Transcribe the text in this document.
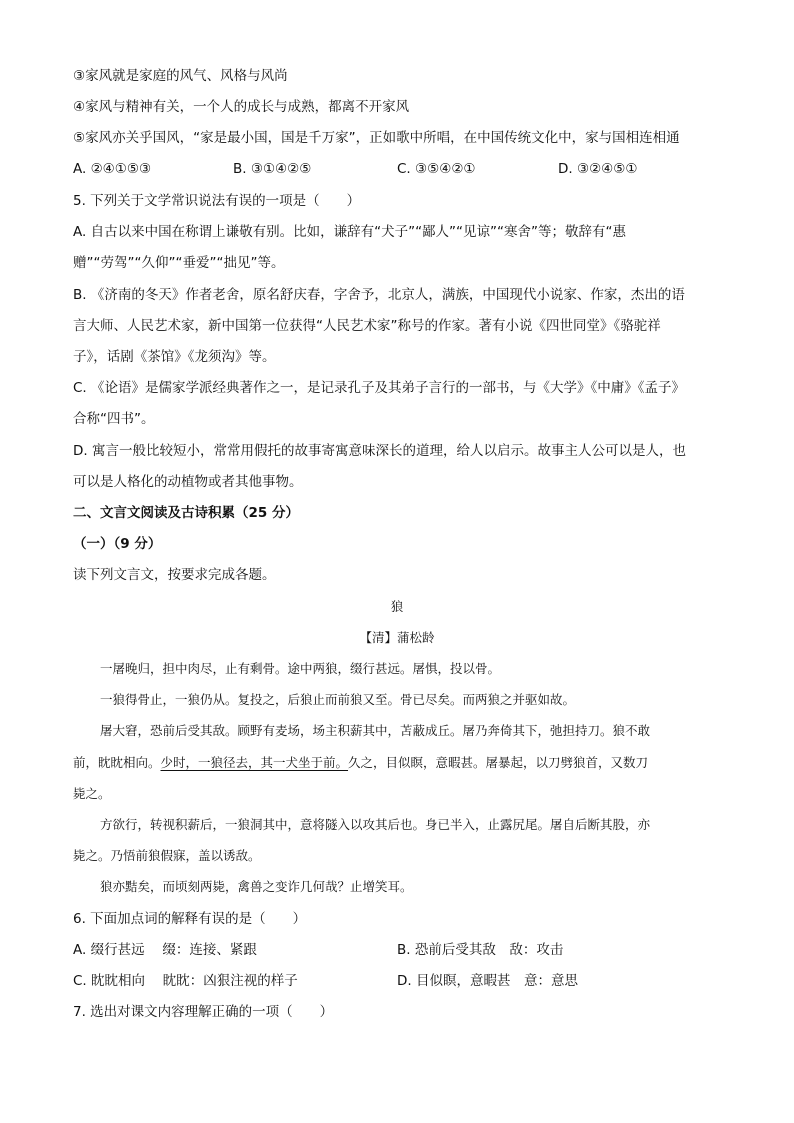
③家风就是家庭的风气、风格与风尚
④家风与精神有关，一个人的成长与成熟，都离不开家风
⑤家风亦关乎国风，“家是最小国，国是千万家”，正如歌中所唱，在中国传统文化中，家与国相连相通
A. ②④①⑤③	B. ③①④②⑤	C. ③⑤④②①	D. ③②④⑤①
5. 下列关于文学常识说法有误的一项是（　　）
A. 自古以来中国在称谓上谦敬有别。比如，谦辞有“犬子”“鄙人”“见谅”“寒舍”等；敬辞有“惠
赠”“劳驾”“久仰”“垂爱”“拙见”等。
B. 《济南的冬天》作者老舍，原名舒庆春，字舍予，北京人，满族，中国现代小说家、作家，杰出的语
言大师、人民艺术家，新中国第一位获得“人民艺术家”称号的作家。著有小说《四世同堂》《骆驼祥
子》，话剧《茶馆》《龙须沟》等。
C. 《论语》是儒家学派经典著作之一，是记录孔子及其弟子言行的一部书，与《大学》《中庸》《孟子》
合称“四书”。
D. 寓言一般比较短小，常常用假托的故事寄寓意味深长的道理，给人以启示。故事主人公可以是人，也
可以是人格化的动植物或者其他事物。
二、文言文阅读及古诗积累（25 分）
（一）（9 分）
读下列文言文，按要求完成各题。
狼
【清】蒲松龄
一屠晚归，担中肉尽，止有剩骨。途中两狼，缀行甚远。屠惧，投以骨。
一狼得骨止，一狼仍从。复投之，后狼止而前狼又至。骨已尽矣。而两狼之并驱如故。
屠大窘，恐前后受其敌。顾野有麦场，场主积薪其中，苫蔽成丘。屠乃奔倚其下，弛担持刀。狼不敢
前，眈眈相向。少时，一狼径去，其一犬坐于前。久之，目似瞑，意暇甚。屠暴起，以刀劈狼首，又数刀
毙之。
方欲行，转视积薪后，一狼洞其中，意将隧入以攻其后也。身已半入，止露尻尾。屠自后断其股，亦
毙之。乃悟前狼假寐，盖以诱敌。
狼亦黠矣，而顷刻两毙，禽兽之变诈几何哉？止增笑耳。
6. 下面加点词的解释有误的是（　　）
A. 缀行甚远　 缀：连接、紧跟	B. 恐前后受其敌　敌：攻击
C. 眈眈相向　 眈眈：凶狠注视的样子	D. 目似瞑，意暇甚　意：意思
7. 选出对课文内容理解正确的一项（　　）
